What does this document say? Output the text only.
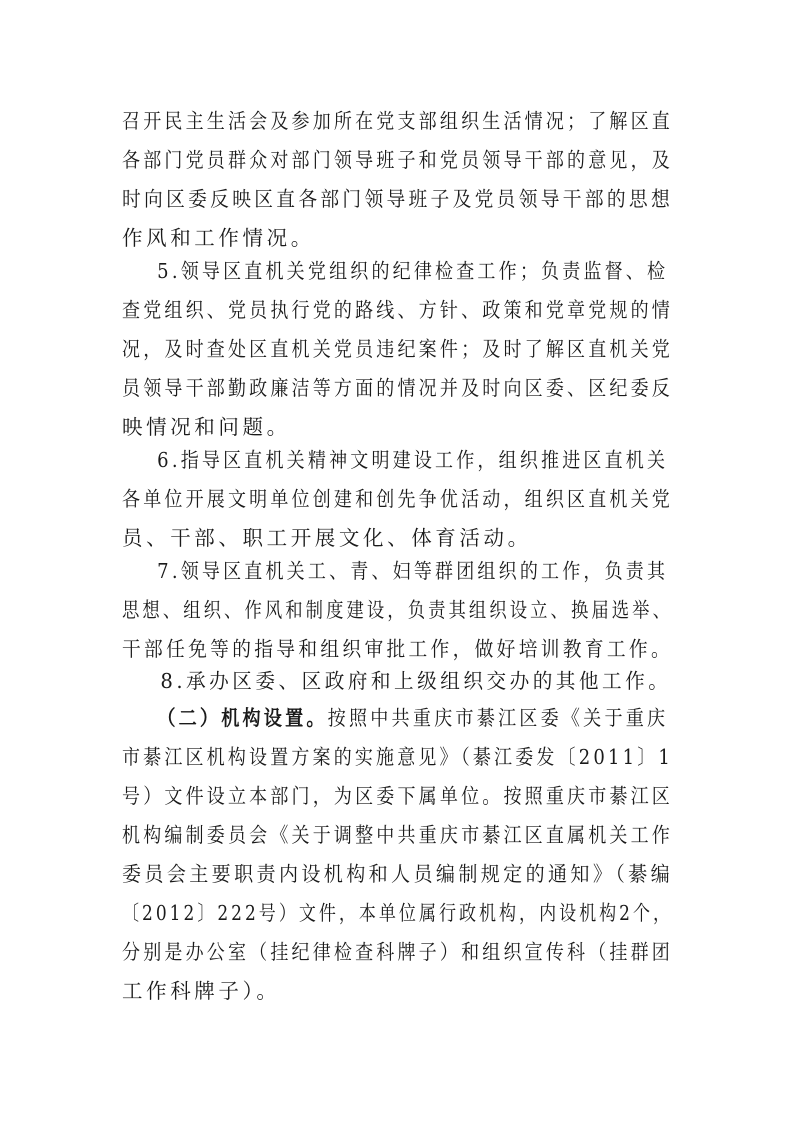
召开民主生活会及参加所在党支部组织生活情况；了解区直
各部门党员群众对部门领导班子和党员领导干部的意见，及
时向区委反映区直各部门领导班子及党员领导干部的思想
作风和工作情况。
5.领导区直机关党组织的纪律检查工作；负责监督、检
查党组织、党员执行党的路线、方针、政策和党章党规的情
况，及时查处区直机关党员违纪案件；及时了解区直机关党
员领导干部勤政廉洁等方面的情况并及时向区委、区纪委反
映情况和问题。
6.指导区直机关精神文明建设工作，组织推进区直机关
各单位开展文明单位创建和创先争优活动，组织区直机关党
员、干部、职工开展文化、体育活动。
7.领导区直机关工、青、妇等群团组织的工作，负责其
思想、组织、作风和制度建设，负责其组织设立、换届选举、
干部任免等的指导和组织审批工作，做好培训教育工作。
8.承办区委、区政府和上级组织交办的其他工作。
（二）机构设置。按照中共重庆市綦江区委《关于重庆
市綦江区机构设置方案的实施意见》（綦江委发〔2011〕1
号）文件设立本部门，为区委下属单位。按照重庆市綦江区
机构编制委员会《关于调整中共重庆市綦江区直属机关工作
委员会主要职责内设机构和人员编制规定的通知》（綦编
〔2012〕222号）文件，本单位属行政机构，内设机构2个，
分别是办公室（挂纪律检查科牌子）和组织宣传科（挂群团
工作科牌子）。
